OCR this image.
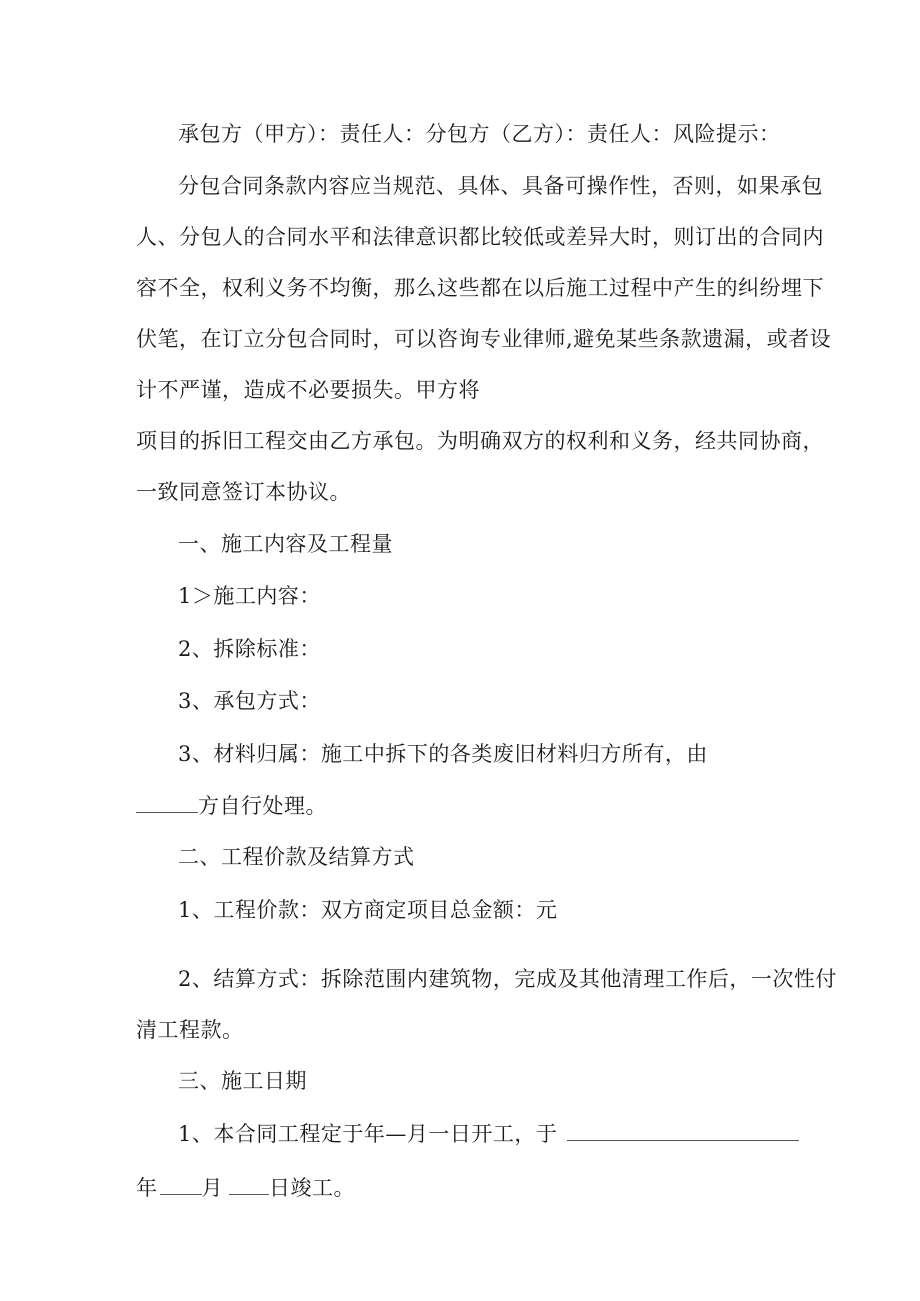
承包方（甲方）：责任人：分包方（乙方）：责任人：风险提示：

分包合同条款内容应当规范、具体、具备可操作性，否则，如果承包

人、分包人的合同水平和法律意识都比较低或差异大时，则订出的合同内

容不全，权利义务不均衡，那么这些都在以后施工过程中产生的纠纷埋下

伏笔，在订立分包合同时，可以咨询专业律师,避免某些条款遗漏，或者设

计不严谨，造成不必要损失。甲方将

项目的拆旧工程交由乙方承包。为明确双方的权利和义务，经共同协商，

一致同意签订本协议。

一、施工内容及工程量

1＞施工内容：

2、拆除标准：

3、承包方式：

3、材料归属：施工中拆下的各类废旧材料归方所有，由

方自行处理。

二、工程价款及结算方式

1、工程价款：双方商定项目总金额：元

2、结算方式：拆除范围内建筑物，完成及其他清理工作后，一次性付

清工程款。

三、施工日期

1、本合同工程定于年—月一日开工，于
年 月 日竣工。
